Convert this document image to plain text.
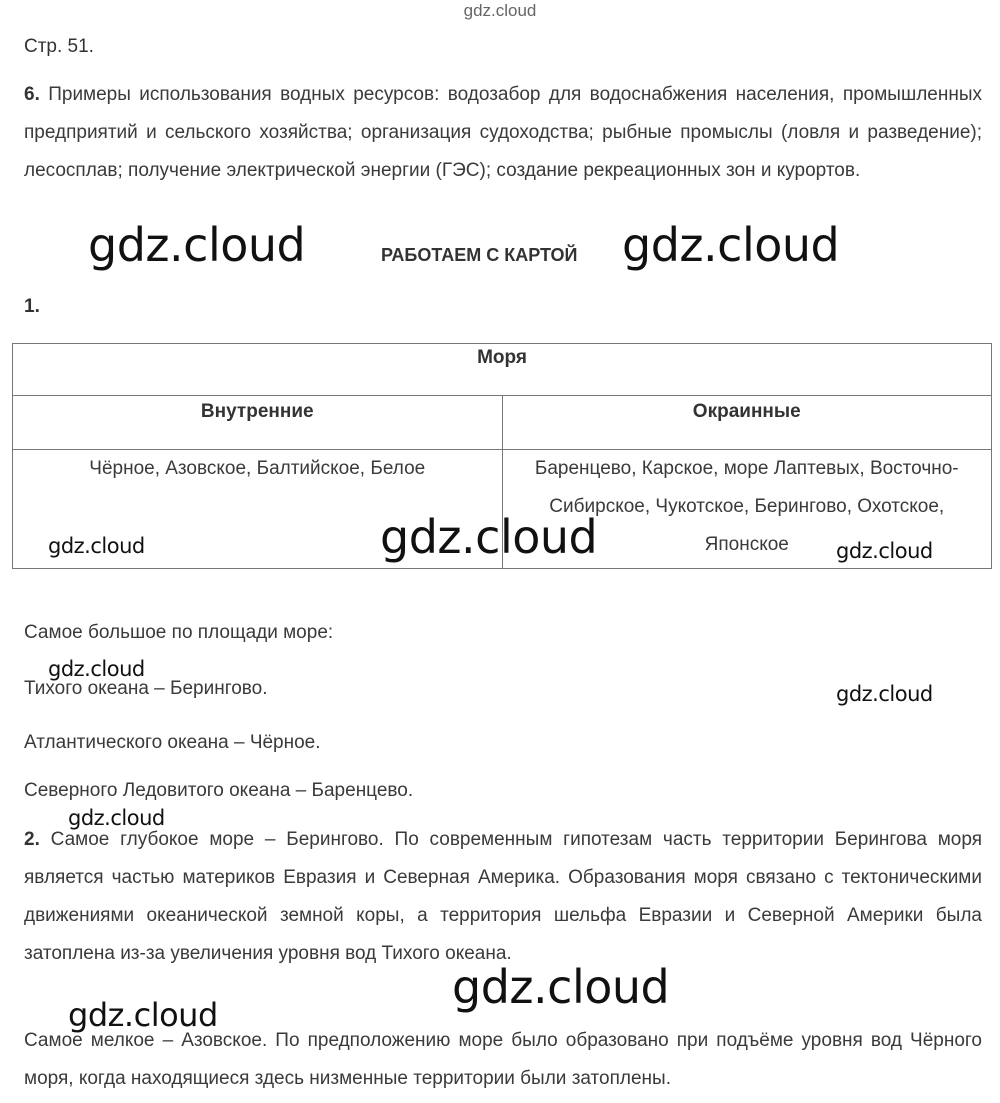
gdz.cloud
Стр. 51.
6. Примеры использования водных ресурсов: водозабор для водоснабжения населения, промышленных предприятий и сельского хозяйства; организация судоходства; рыбные промыслы (ловля и разведение); лесосплав; получение электрической энергии (ГЭС); создание рекреационных зон и курортов.
РАБОТАЕМ С КАРТОЙ
1.
Моря	
Внутренние	Окраинные
Чёрное, Азовское, Балтийское, Белое	Баренцево, Карское, море Лаптевых, Восточно-Сибирское, Чукотское, Берингово, Охотское, Японское
Самое большое по площади море:
Тихого океана – Берингово.
Атлантического океана – Чёрное.
Северного Ледовитого океана – Баренцево.
2. Самое глубокое море – Берингово. По современным гипотезам часть территории Берингова моря является частью материков Евразия и Северная Америка. Образования моря связано с тектоническими движениями океанической земной коры, а территория шельфа Евразии и Северной Америки была затоплена из-за увеличения уровня вод Тихого океана.
Самое мелкое – Азовское. По предположению море было образовано при подъёме уровня вод Чёрного моря, когда находящиеся здесь низменные территории были затоплены.
gdz.cloud	gdz.cloud
gdz.cloud	gdz.cloud	gdz.cloud
gdz.cloud
gdz.cloud
gdz.cloud
gdz.cloud
gdz.cloud
